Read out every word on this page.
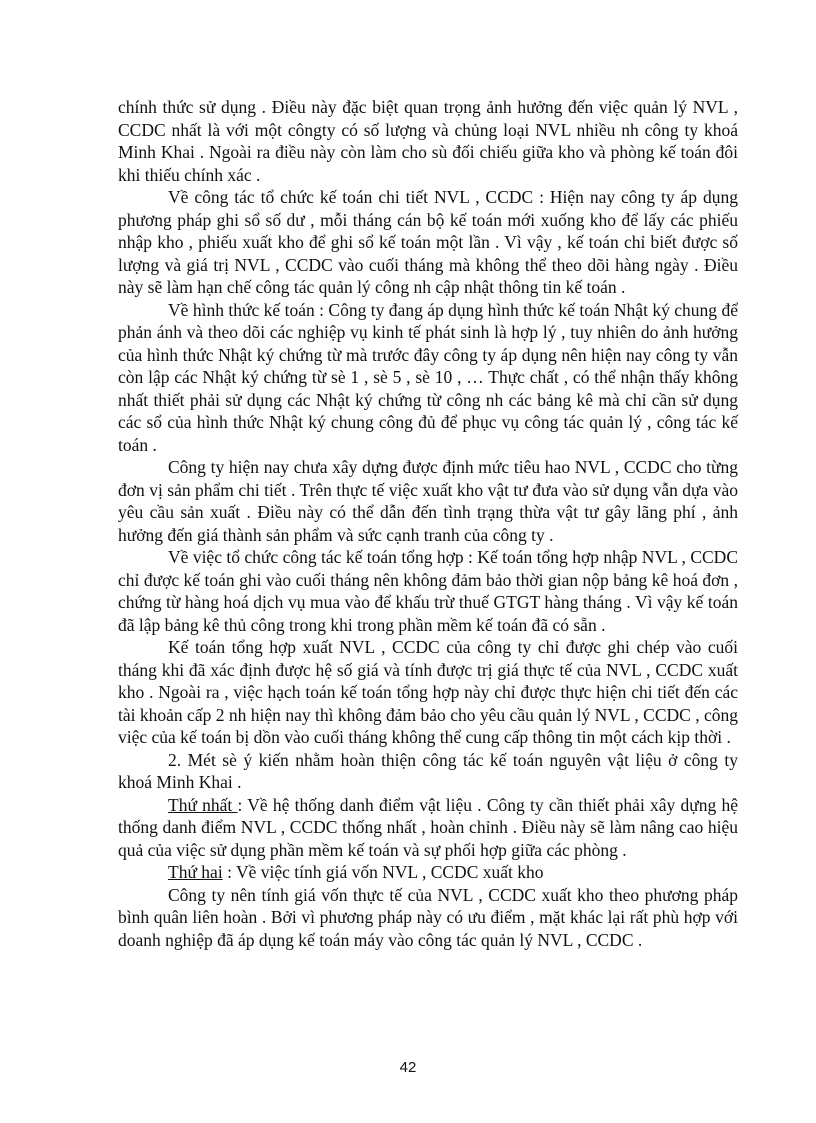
chính thức sử dụng . Điều này đặc biệt quan trọng ảnh hưởng đến việc quản lý NVL , CCDC nhất là với một côngty có số lượng và chủng loại NVL nhiều nh công ty khoá Minh Khai . Ngoài ra điều này còn làm cho sù đối chiếu giữa kho và phòng kế toán đôi khi thiếu chính xác .

Về công tác tổ chức kế toán chi tiết NVL , CCDC : Hiện nay công ty áp dụng phương pháp ghi sổ số dư , mỗi tháng cán bộ kế toán mới xuống kho để lấy các phiếu nhập kho , phiếu xuất kho để ghi sổ kế toán một lần . Vì vậy , kế toán chỉ biết được số lượng và giá trị NVL , CCDC vào cuối tháng mà không thể theo dõi hàng ngày . Điều này sẽ làm hạn chế công tác quản lý công nh cập nhật thông tin kế toán .

Về hình thức kế toán : Công ty đang áp dụng hình thức kế toán Nhật ký chung để phản ánh và theo dõi các nghiệp vụ kinh tế phát sinh là hợp lý , tuy nhiên do ảnh hưởng của hình thức Nhật ký chứng từ mà trước đây công ty áp dụng nên hiện nay công ty vẫn còn lập các Nhật ký chứng từ sè 1 , sè 5 , sè 10 , … Thực chất , có thể nhận thấy không nhất thiết phải sử dụng các Nhật ký chứng từ công nh các bảng kê mà chỉ cần sử dụng các sổ của hình thức Nhật ký chung công đủ để phục vụ công tác quản lý , công tác kế toán .

Công ty hiện nay chưa xây dựng được định mức tiêu hao NVL , CCDC cho từng đơn vị sản phẩm chi tiết . Trên thực tế việc xuất kho vật tư đưa vào sử dụng vẫn dựa vào yêu cầu sản xuất . Điều này có thể dẫn đến tình trạng thừa vật tư gây lãng phí , ảnh hưởng đến giá thành sản phẩm và sức cạnh tranh của công ty .

Về việc tổ chức công tác kế toán tổng hợp : Kế toán tổng hợp nhập NVL , CCDC chỉ được kế toán ghi vào cuối tháng nên không đảm bảo thời gian nộp bảng kê hoá đơn , chứng từ hàng hoá dịch vụ mua vào để khấu trừ thuế GTGT hàng tháng . Vì vậy kế toán đã lập bảng kê thủ công trong khi trong phần mềm kế toán đã có sẵn .

Kế toán tổng hợp xuất NVL , CCDC của công ty chỉ được ghi chép vào cuối tháng khi đã xác định được hệ số giá và tính được trị giá thực tế của NVL , CCDC xuất kho . Ngoài ra , việc hạch toán kế toán tổng hợp này chỉ được thực hiện chi tiết đến các tài khoản cấp 2 nh hiện nay thì không đảm bảo cho yêu cầu quản lý NVL , CCDC , công việc của kế toán bị dồn vào cuối tháng không thể cung cấp thông tin một cách kịp thời .

2. Mét sè ý kiến nhằm hoàn thiện công tác kế toán nguyên vật liệu ở công ty khoá Minh Khai .

Thứ nhất : Về hệ thống danh điểm vật liệu . Công ty cần thiết phải xây dựng hệ thống danh điểm NVL , CCDC thống nhất , hoàn chỉnh . Điều này sẽ làm nâng cao hiệu quả của việc sử dụng phần mềm kế toán và sự phối hợp giữa các phòng .

Thứ hai : Về việc tính giá vốn NVL , CCDC xuất kho

Công ty nên tính giá vốn thực tế của NVL , CCDC xuất kho theo phương pháp bình quân liên hoàn . Bởi vì phương pháp này có ưu điểm , mặt khác lại rất phù hợp với doanh nghiệp đã áp dụng kế toán máy vào công tác quản lý NVL , CCDC .

42
